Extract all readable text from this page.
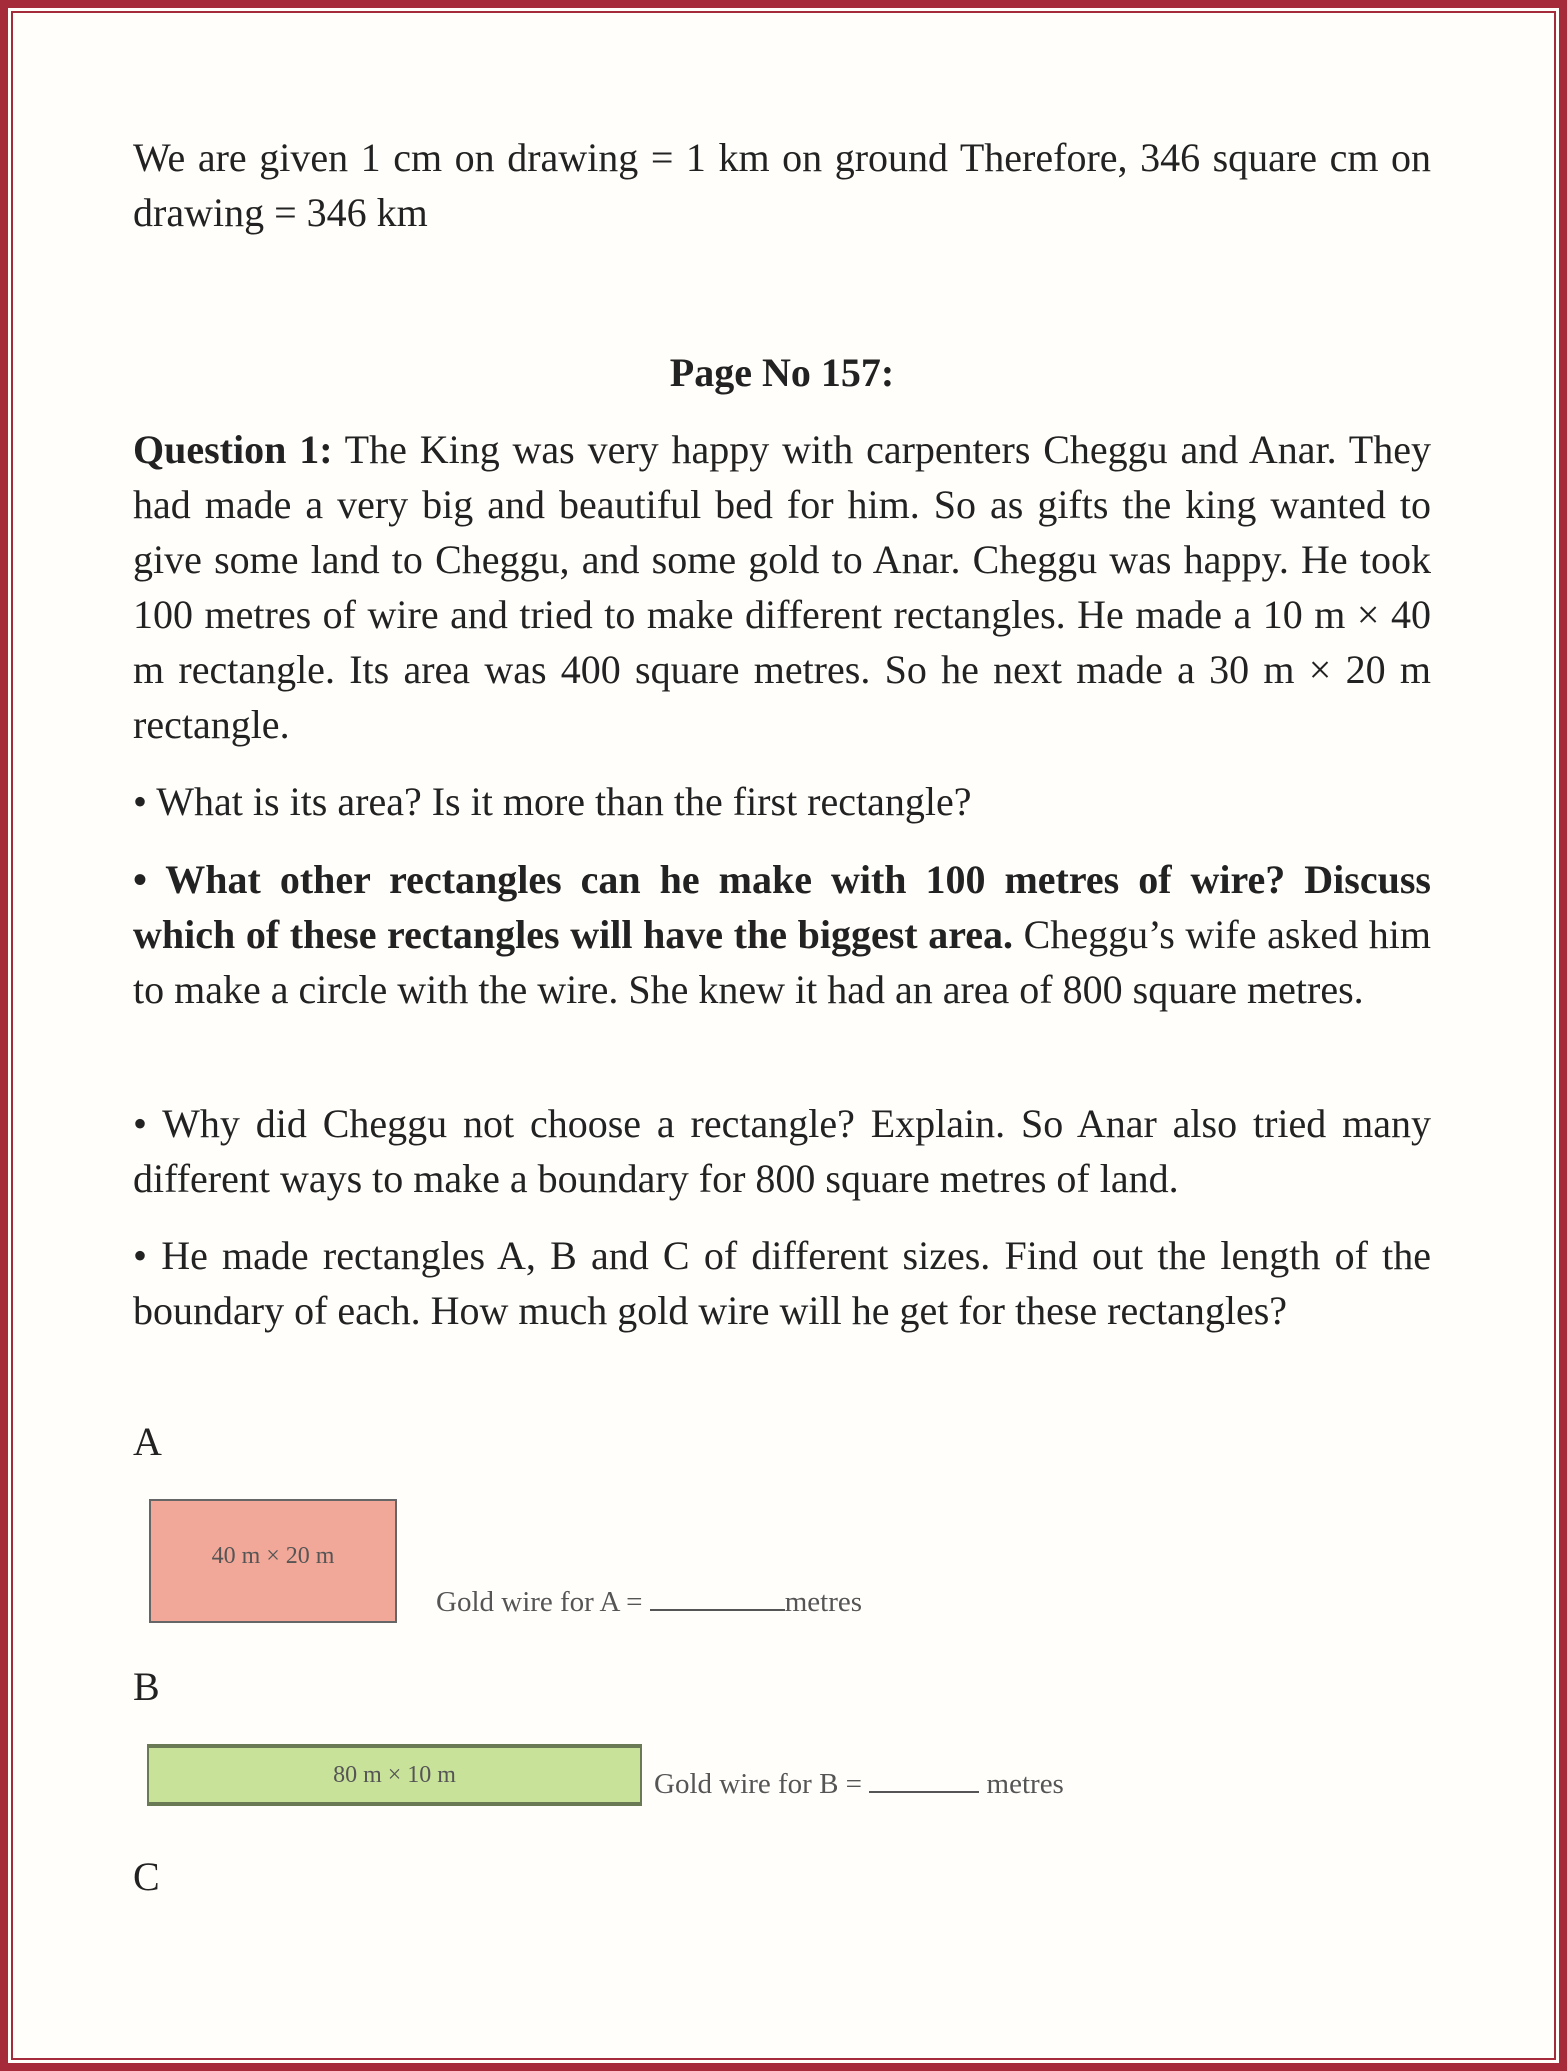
We are given 1 cm on drawing = 1 km on ground Therefore, 346 square cm on drawing = 346 km

Page No 157:

Question 1: The King was very happy with carpenters Cheggu and Anar. They had made a very big and beautiful bed for him. So as gifts the king wanted to give some land to Cheggu, and some gold to Anar. Cheggu was happy. He took 100 metres of wire and tried to make different rectangles. He made a 10 m × 40 m rectangle. Its area was 400 square metres. So he next made a 30 m × 20 m rectangle.

• What is its area? Is it more than the first rectangle?

• What other rectangles can he make with 100 metres of wire? Discuss which of these rectangles will have the biggest area. Cheggu’s wife asked him to make a circle with the wire. She knew it had an area of 800 square metres.

• Why did Cheggu not choose a rectangle? Explain. So Anar also tried many different ways to make a boundary for 800 square metres of land.

• He made rectangles A, B and C of different sizes. Find out the length of the boundary of each. How much gold wire will he get for these rectangles?

A
40 m × 20 m
Gold wire for A =	metres
B
80 m × 10 m	Gold wire for B =	metres
C
